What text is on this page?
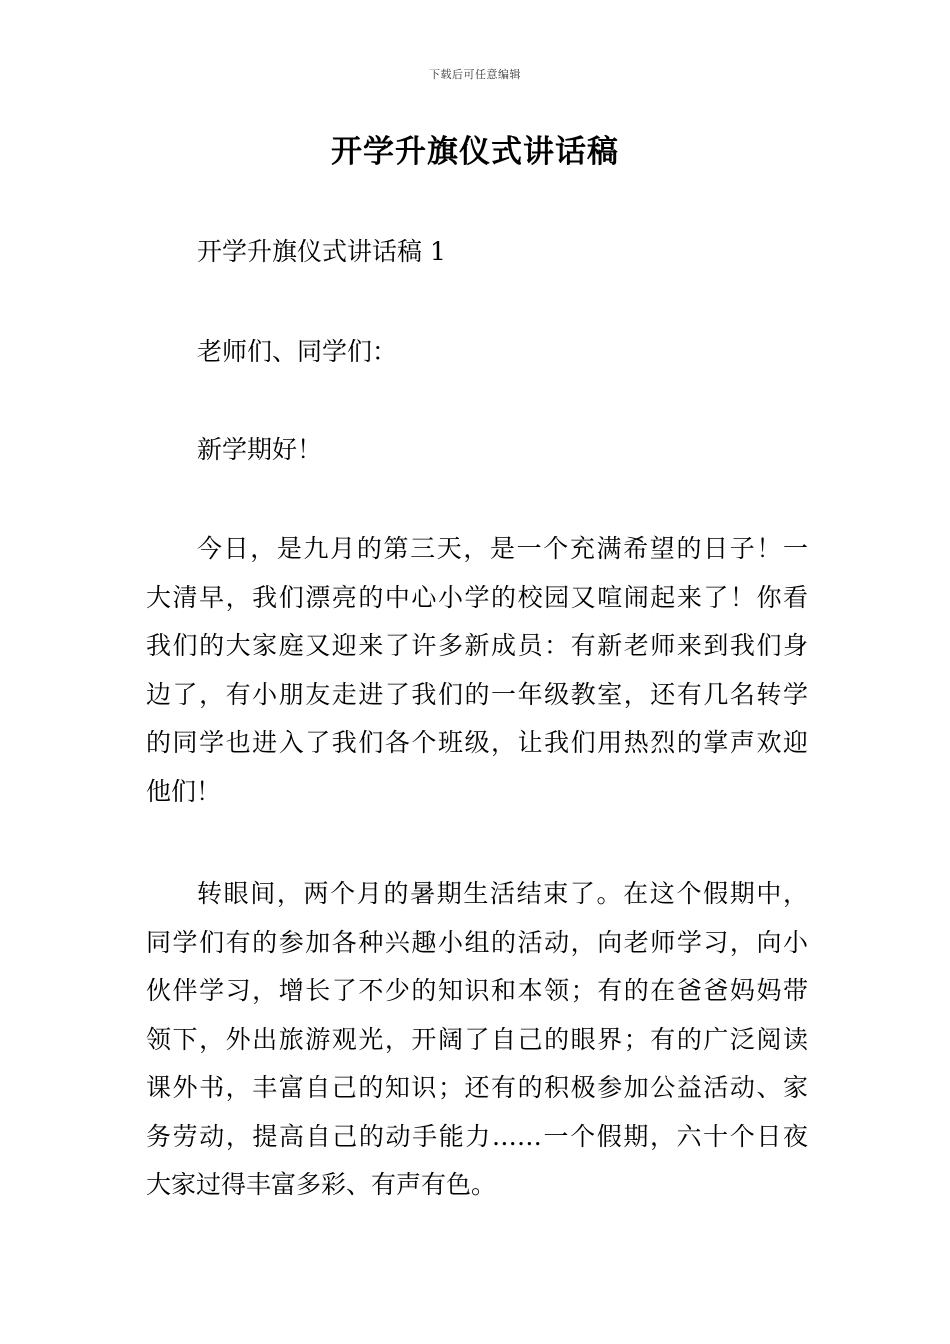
下载后可任意编辑
开学升旗仪式讲话稿
开学升旗仪式讲话稿 1
老师们、同学们：
新学期好！
今日，是九月的第三天，是一个充满希望的日子！一
大清早，我们漂亮的中心小学的校园又喧闹起来了！你看
我们的大家庭又迎来了许多新成员：有新老师来到我们身
边了，有小朋友走进了我们的一年级教室，还有几名转学
的同学也进入了我们各个班级，让我们用热烈的掌声欢迎
他们！
转眼间，两个月的暑期生活结束了。在这个假期中，
同学们有的参加各种兴趣小组的活动，向老师学习，向小
伙伴学习，增长了不少的知识和本领；有的在爸爸妈妈带
领下，外出旅游观光，开阔了自己的眼界；有的广泛阅读
课外书，丰富自己的知识；还有的积极参加公益活动、家
务劳动，提高自己的动手能力……一个假期，六十个日夜
大家过得丰富多彩、有声有色。
